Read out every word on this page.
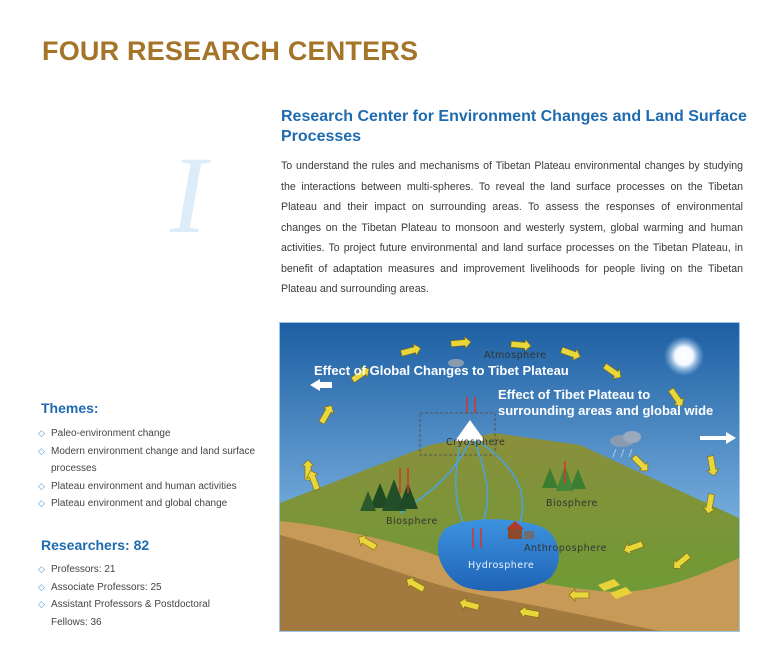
FOUR RESEARCH CENTERS
I
Research Center for Environment Changes and Land Surface Processes
To understand the rules and mechanisms of Tibetan Plateau environmental changes by studying the interactions between multi-spheres. To reveal the land surface processes on the Tibetan Plateau and their impact on surrounding areas. To assess the responses of environmental changes on the Tibetan Plateau to monsoon and westerly system, global warming and human activities. To project future environmental and land surface processes on the Tibetan Plateau, in benefit of adaptation measures and improvement livelihoods for people living on the Tibetan Plateau and surrounding areas.
Themes:
◇ Paleo-environment change
◇ Modern environment change and land surface processes
◇ Plateau environment and human activities
◇ Plateau environment and global change
Researchers: 82
◇ Professors: 21
◇ Associate Professors: 25
◇ Assistant Professors & Postdoctoral Fellows: 36
Effect of Global Changes to Tibet Plateau
Effect of Tibet Plateau to
surrounding areas and global wide
Atmosphere
Cryosphere
Biosphere
Biosphere
Anthroposphere
Hydrosphere
